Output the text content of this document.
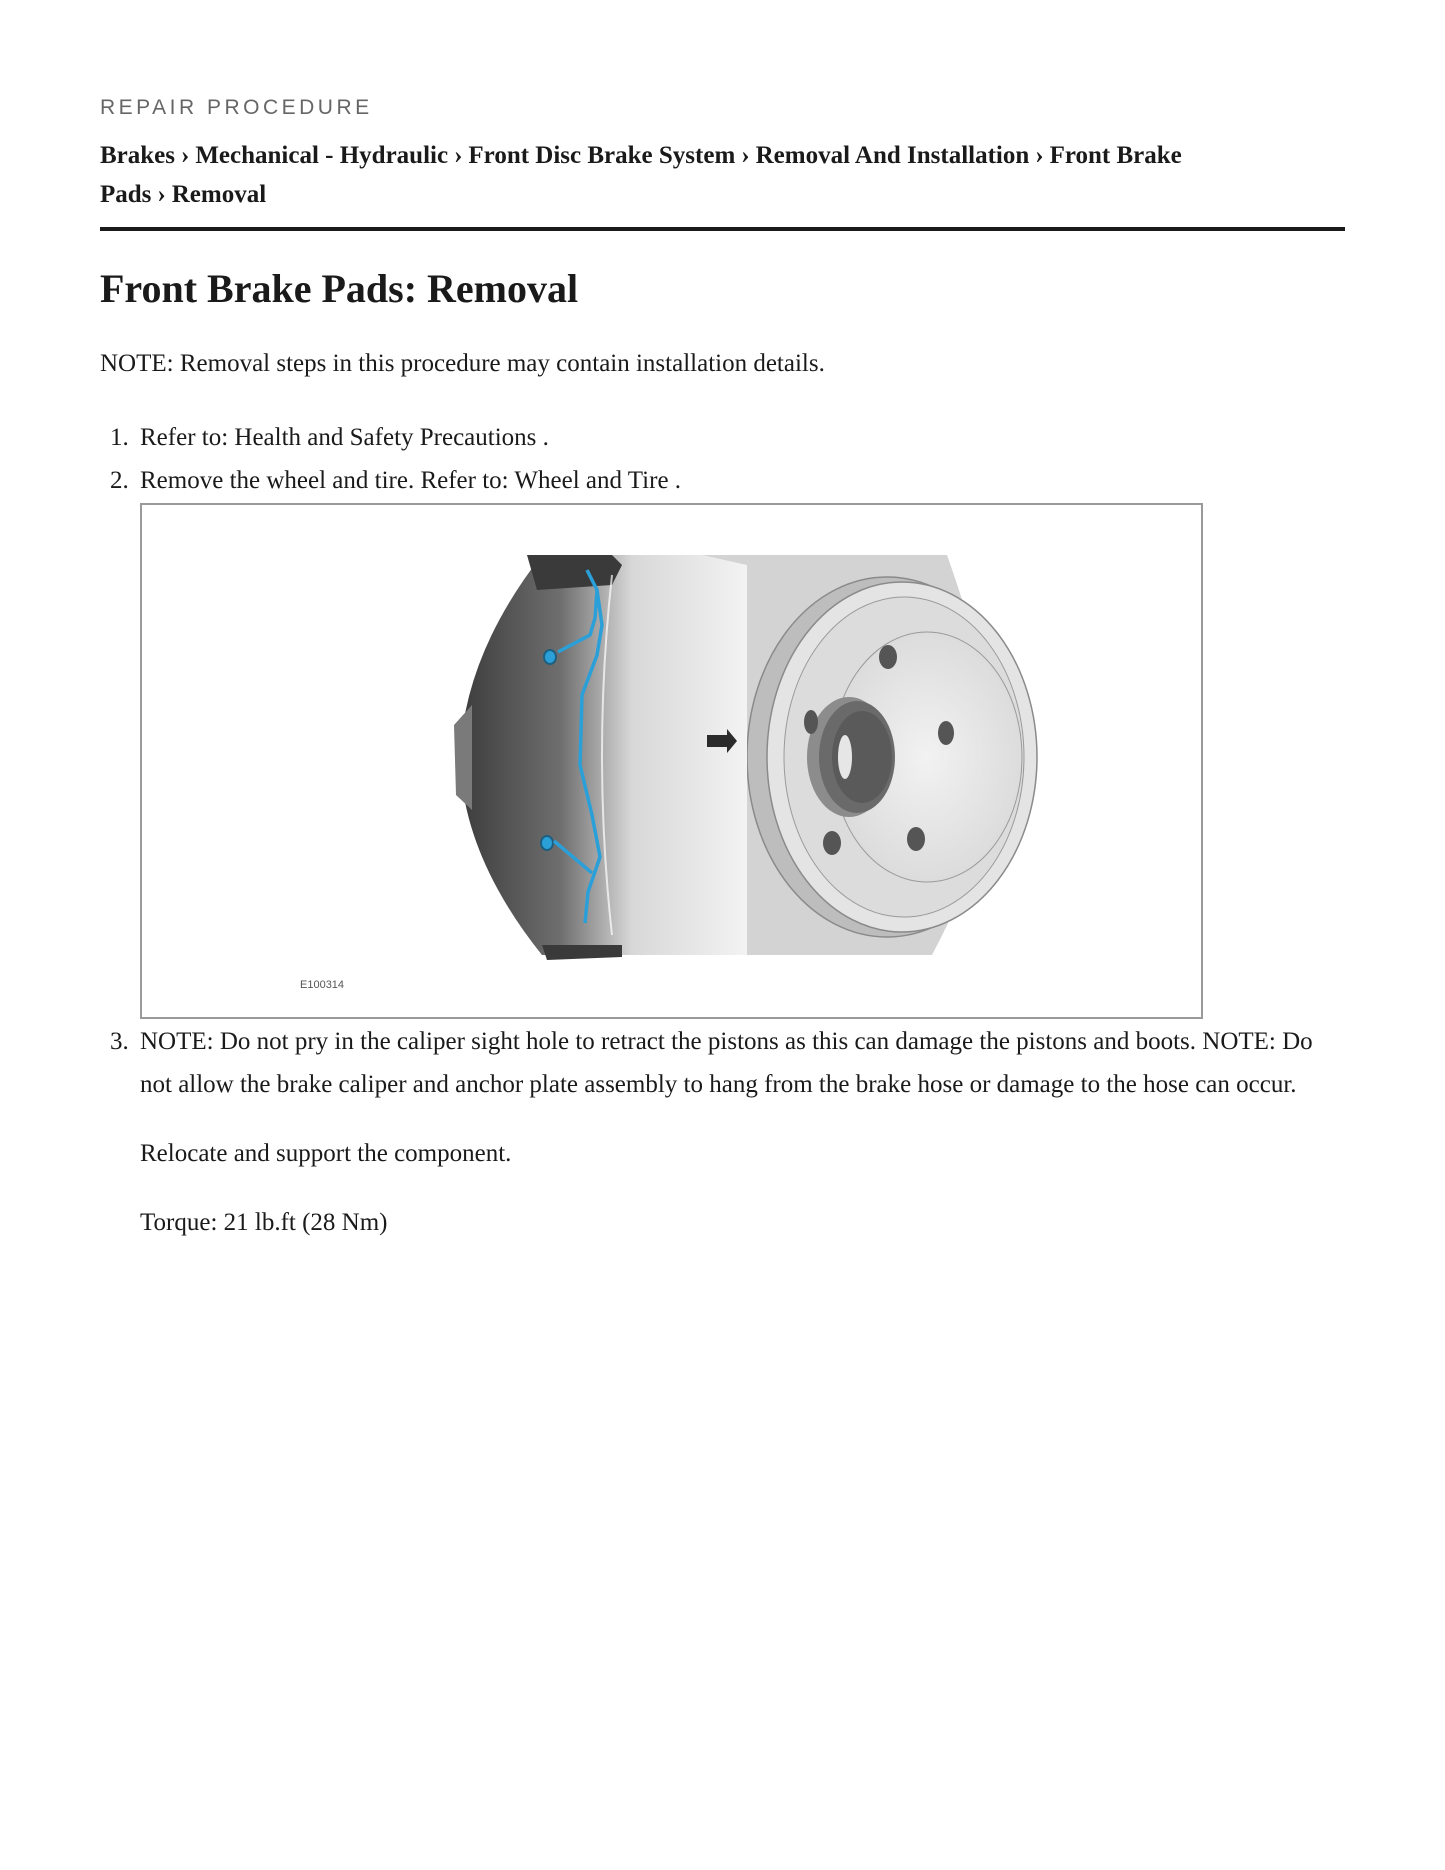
REPAIR PROCEDURE
Brakes › Mechanical - Hydraulic › Front Disc Brake System › Removal And Installation › Front Brake Pads › Removal
Front Brake Pads: Removal

NOTE: Removal steps in this procedure may contain installation details.

1. Refer to: Health and Safety Precautions .
2. Remove the wheel and tire. Refer to: Wheel and Tire .
E100314
3. NOTE: Do not pry in the caliper sight hole to retract the pistons as this can damage the pistons and boots. NOTE: Do not allow the brake caliper and anchor plate assembly to hang from the brake hose or damage to the hose can occur.

Relocate and support the component.

Torque: 21 lb.ft (28 Nm)
